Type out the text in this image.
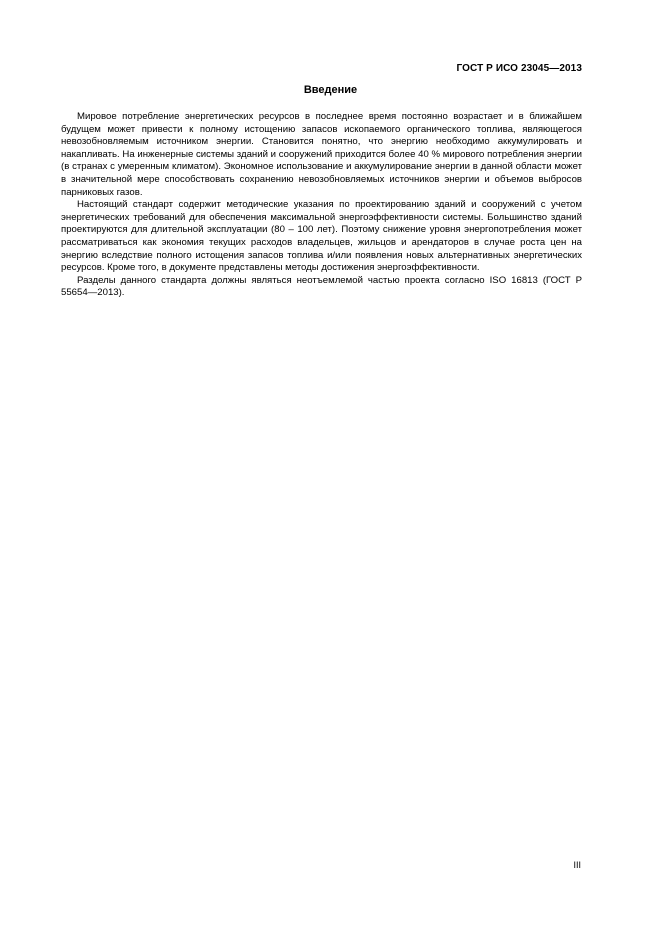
ГОСТ Р ИСО 23045—2013
Введение

Мировое потребление энергетических ресурсов в последнее время постоянно возрастает и в ближайшем будущем может привести к полному истощению запасов ископаемого органического топлива, являющегося невозобновляемым источником энергии. Становится понятно, что энергию необходимо аккумулировать и накапливать. На инженерные системы зданий и сооружений приходится более 40 % мирового потребления энергии (в странах с умеренным климатом). Экономное использование и аккумулирование энергии в данной области может в значительной мере способствовать сохранению невозобновляемых источников энергии и объемов выбросов парниковых газов.

Настоящий стандарт содержит методические указания по проектированию зданий и сооружений с учетом энергетических требований для обеспечения максимальной энергоэффективности системы. Большинство зданий проектируются для длительной эксплуатации (80 – 100 лет). Поэтому снижение уровня энергопотребления может рассматриваться как экономия текущих расходов владельцев, жильцов и арендаторов в случае роста цен на энергию вследствие полного истощения запасов топлива и/или появления новых альтернативных энергетических ресурсов. Кроме того, в документе представлены методы достижения энергоэффективности.

Разделы данного стандарта должны являться неотъемлемой частью проекта согласно ISO 16813 (ГОСТ Р 55654—2013).

III
